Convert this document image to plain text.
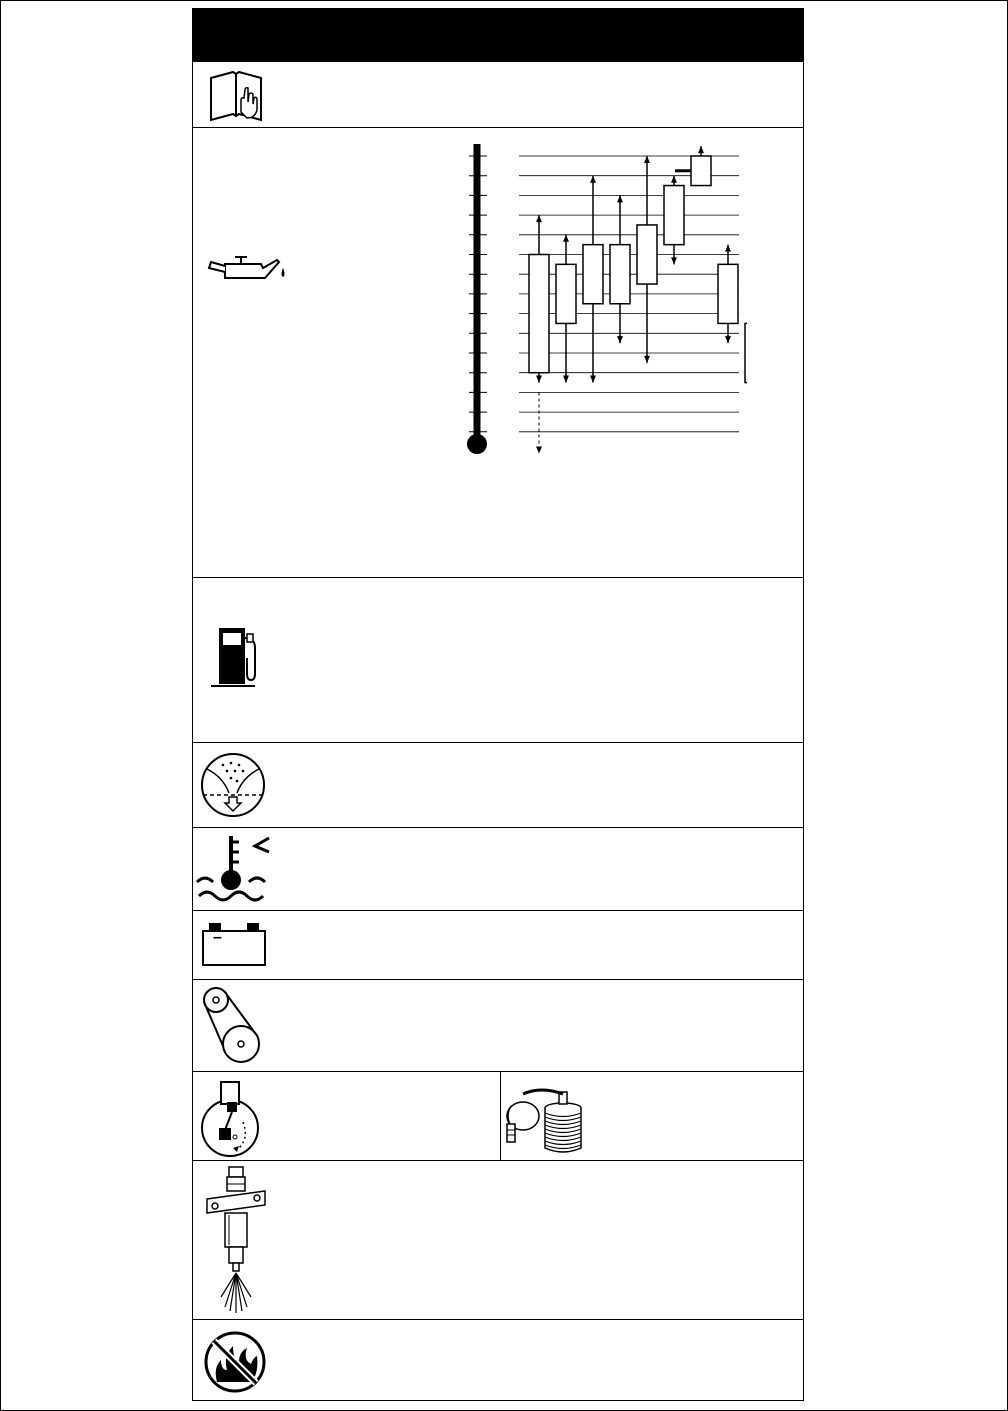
–
